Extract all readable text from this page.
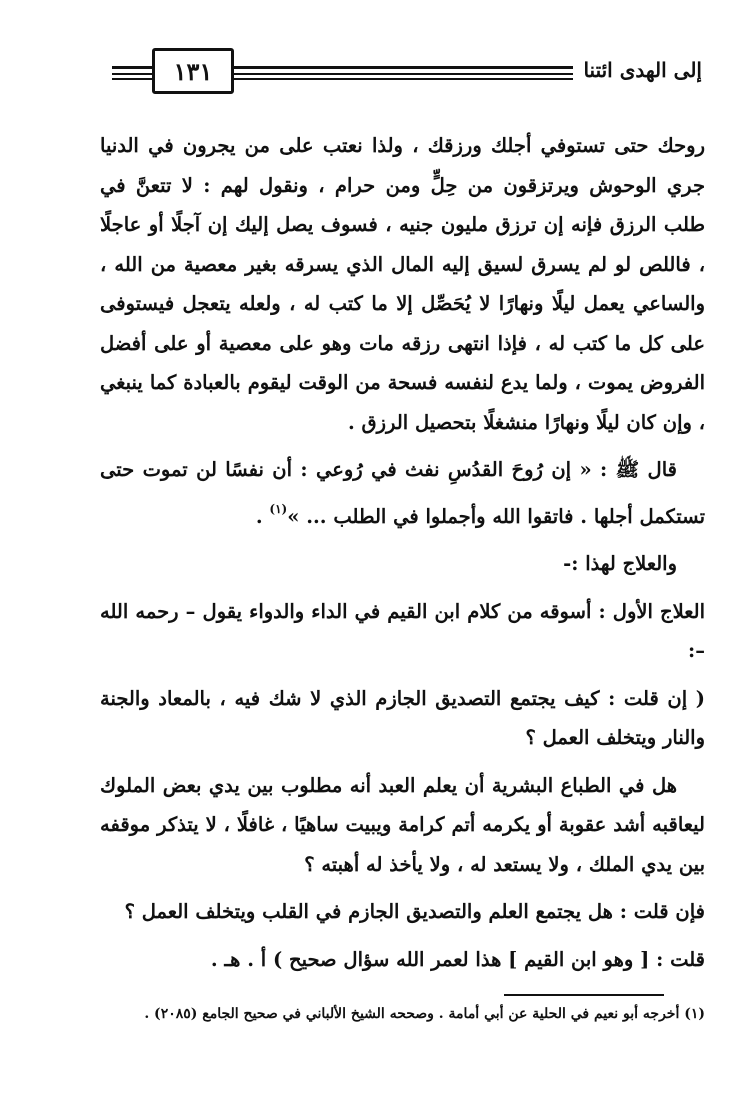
١٣١	إلى الهدى ائتنا

روحك حتى تستوفي أجلك ورزقك ، ولذا نعتب على من يجرون في الدنيا جري الوحوش ويرتزقون من حِلٍّ ومن حرام ، ونقول لهم : لا تتعنَّ في طلب الرزق فإنه إن ترزق مليون جنيه ، فسوف يصل إليك إن آجلًا أو عاجلًا ، فاللص لو لم يسرق لسيق إليه المال الذي يسرقه بغير معصية من الله ، والساعي يعمل ليلًا ونهارًا لا يُحَصِّل إلا ما كتب له ، ولعله يتعجل فيستوفى على كل ما كتب له ، فإذا انتهى رزقه مات وهو على معصية أو على أفضل الفروض يموت ، ولما يدع لنفسه فسحة من الوقت ليقوم بالعبادة كما ينبغي ، وإن كان ليلًا ونهارًا منشغلًا بتحصيل الرزق .

قال ﷺ : « إن رُوحَ القدُسِ نفث في رُوعي : أن نفسًا لن تموت حتى تستكمل أجلها . فاتقوا الله وأجملوا في الطلب ... »$^{(١)}$ .

والعلاج لهذا :-

العلاج الأول : أسوقه من كلام ابن القيم في الداء والدواء يقول – رحمه الله –:

( إن قلت : كيف يجتمع التصديق الجازم الذي لا شك فيه ، بالمعاد والجنة والنار ويتخلف العمل ؟

هل في الطباع البشرية أن يعلم العبد أنه مطلوب بين يدي بعض الملوك ليعاقبه أشد عقوبة أو يكرمه أتم كرامة ويبيت ساهيًا ، غافلًا ، لا يتذكر موقفه بين يدي الملك ، ولا يستعد له ، ولا يأخذ له أهبته ؟

فإن قلت : هل يجتمع العلم والتصديق الجازم في القلب ويتخلف العمل ؟

قلت : [ وهو ابن القيم ] هذا لعمر الله سؤال صحيح ) أ . هـ .

(١) أخرجه أبو نعيم في الحلية عن أبي أمامة . وصححه الشيخ الألباني في صحيح الجامع (٢٠٨٥) .
